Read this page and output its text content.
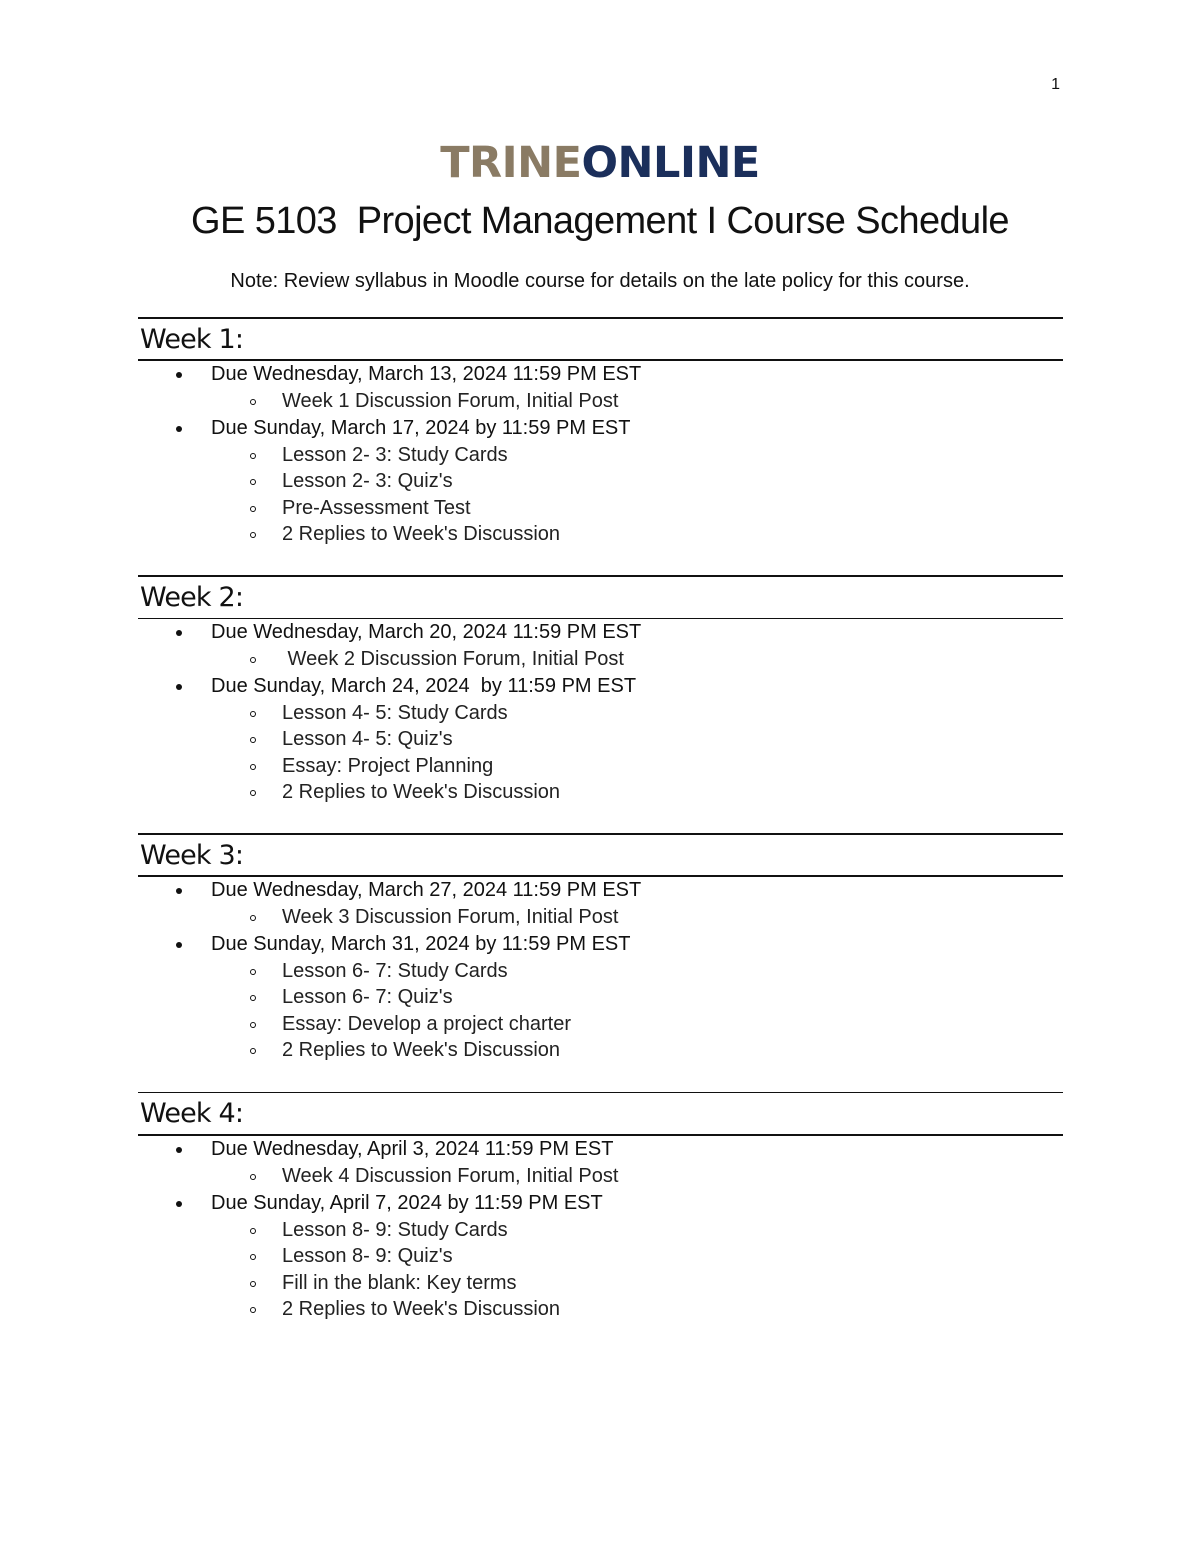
1
TRINEONLINE
GE 5103  Project Management I Course Schedule
Note: Review syllabus in Moodle course for details on the late policy for this course.
Week 1:
Due Wednesday, March 13, 2024 11:59 PM EST
Week 1 Discussion Forum, Initial Post
Due Sunday, March 17, 2024 by 11:59 PM EST
Lesson 2- 3: Study Cards
Lesson 2- 3: Quiz's
Pre-Assessment Test
2 Replies to Week's Discussion
Week 2:
Due Wednesday, March 20, 2024 11:59 PM EST
Week 2 Discussion Forum, Initial Post
Due Sunday, March 24, 2024  by 11:59 PM EST
Lesson 4- 5: Study Cards
Lesson 4- 5: Quiz's
Essay: Project Planning
2 Replies to Week's Discussion
Week 3:
Due Wednesday, March 27, 2024 11:59 PM EST
Week 3 Discussion Forum, Initial Post
Due Sunday, March 31, 2024 by 11:59 PM EST
Lesson 6- 7: Study Cards
Lesson 6- 7: Quiz's
Essay: Develop a project charter
2 Replies to Week's Discussion
Week 4:
Due Wednesday, April 3, 2024 11:59 PM EST
Week 4 Discussion Forum, Initial Post
Due Sunday, April 7, 2024 by 11:59 PM EST
Lesson 8- 9: Study Cards
Lesson 8- 9: Quiz's
Fill in the blank: Key terms
2 Replies to Week's Discussion
